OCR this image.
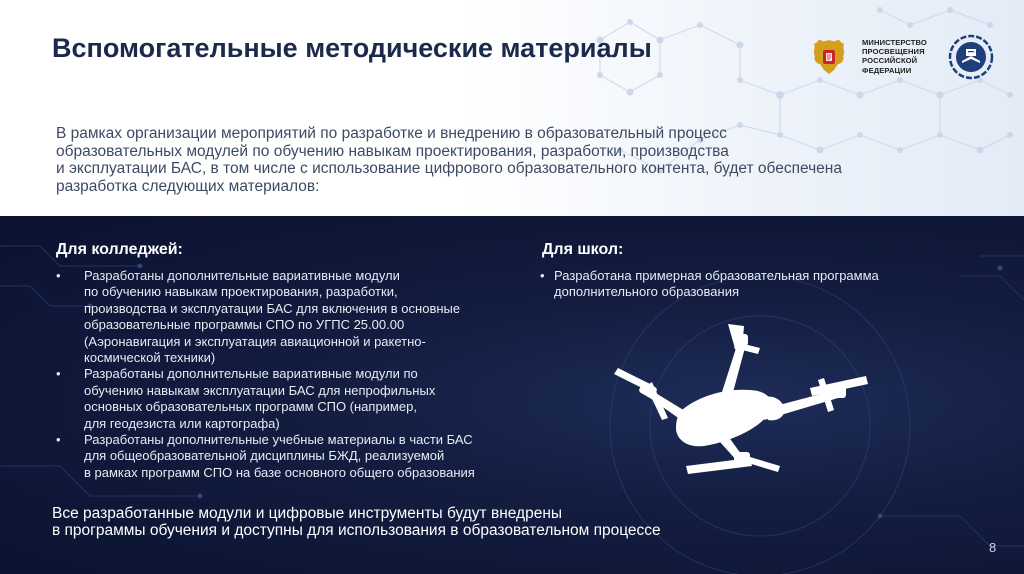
Вспомогательные методические материалы	МИНИСТЕРСТВО
ПРОСВЕЩЕНИЯ
РОССИЙСКОЙ
ФЕДЕРАЦИИ
В рамках организации мероприятий по разработке и внедрению в образовательный процесс
образовательных модулей по обучению навыкам проектирования, разработки, производства
и эксплуатации БАС, в том числе с использование цифрового образовательного контента, будет обеспечена
разработка следующих материалов:
Для колледжей:
• Разработаны дополнительные вариативные модули
по обучению навыкам проектирования, разработки,
производства и эксплуатации БАС для включения в основные
образовательные программы СПО по УГПС 25.00.00
(Аэронавигация и эксплуатация авиационной и ракетно-
космической техники)
• Разработаны дополнительные вариативные модули по
обучению навыкам эксплуатации БАС для непрофильных
основных образовательных программ СПО (например,
для геодезиста или картографа)
• Разработаны дополнительные учебные материалы в части БАС
для общеобразовательной дисциплины БЖД, реализуемой
в рамках программ СПО на базе основного общего образования
Для школ:
• Разработана примерная образовательная программа
дополнительного образования
Все разработанные модули и цифровые инструменты будут внедрены
в программы обучения и доступны для использования в образовательном процессе
8
